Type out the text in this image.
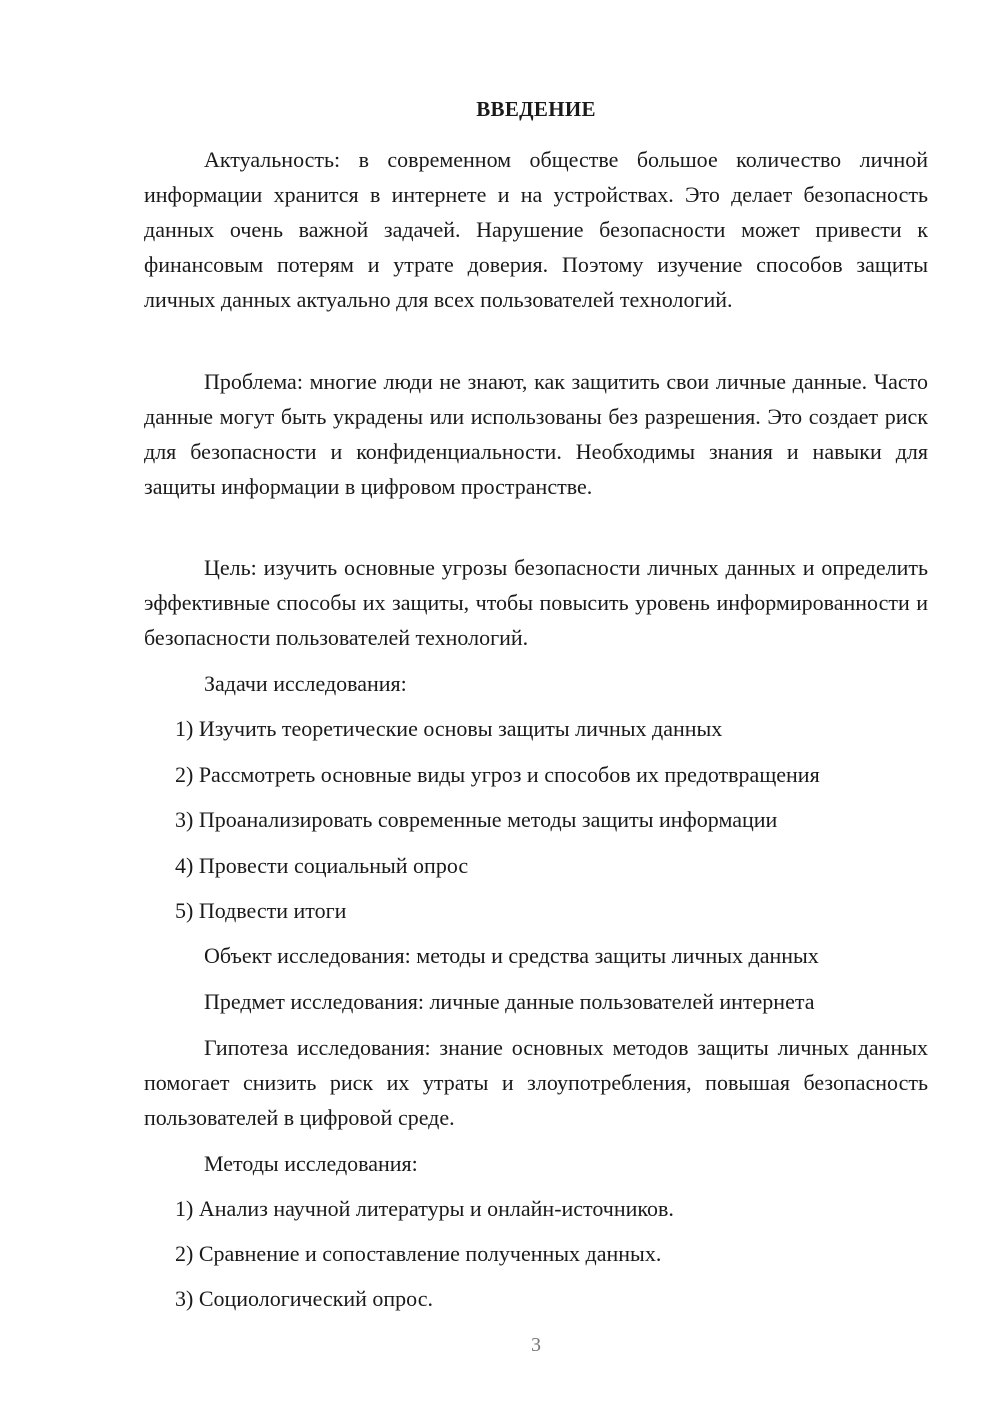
ВВЕДЕНИЕ

Актуальность: в современном обществе большое количество личной информации хранится в интернете и на устройствах. Это делает безопасность данных очень важной задачей. Нарушение безопасности может привести к финансовым потерям и утрате доверия. Поэтому изучение способов защиты личных данных актуально для всех пользователей технологий.

Проблема: многие люди не знают, как защитить свои личные данные. Часто данные могут быть украдены или использованы без разрешения. Это создает риск для безопасности и конфиденциальности. Необходимы знания и навыки для защиты информации в цифровом пространстве.

Цель: изучить основные угрозы безопасности личных данных и определить эффективные способы их защиты, чтобы повысить уровень информированности и безопасности пользователей технологий.

Задачи исследования:

1) Изучить теоретические основы защиты личных данных

2) Рассмотреть основные виды угроз и способов их предотвращения

3) Проанализировать современные методы защиты информации

4) Провести социальный опрос

5) Подвести итоги

Объект исследования: методы и средства защиты личных данных

Предмет исследования: личные данные пользователей интернета

Гипотеза исследования: знание основных методов защиты личных данных помогает снизить риск их утраты и злоупотребления, повышая безопасность пользователей в цифровой среде.

Методы исследования:

1) Анализ научной литературы и онлайн-источников.

2) Сравнение и сопоставление полученных данных.

3) Социологический опрос.

3
